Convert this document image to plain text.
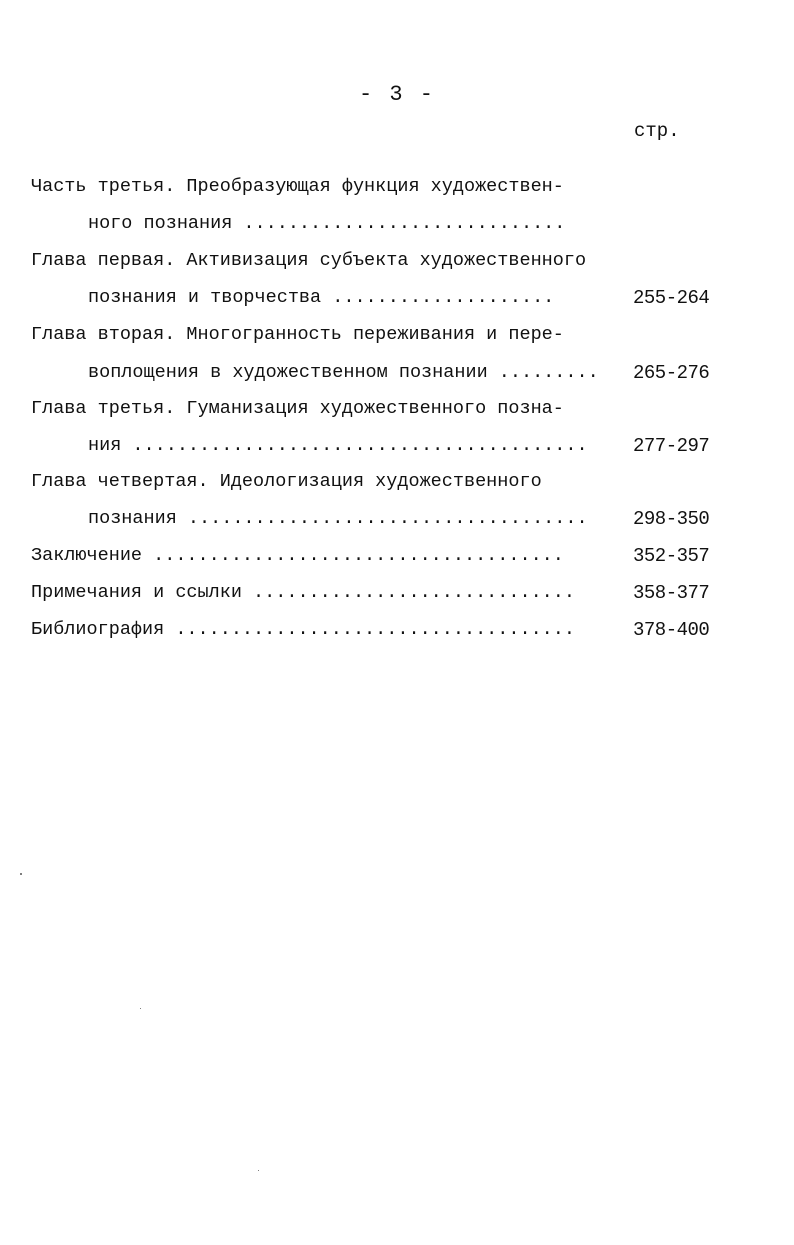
- 3 -
стр.
Часть третья. Преобразующая функция художествен-
ного познания .............................
Глава первая. Активизация субъекта художественного
познания и творчества ....................	255-264
Глава вторая. Многогранность переживания и пере-
воплощения в художественном познании ......... 265-276
Глава третья. Гуманизация художественного позна-
ния ......................................... 277-297
Глава четвертая. Идеологизация художественного
познания .................................... 298-350
Заключение .....................................	352-357
Примечания и ссылки .............................	358-377
Библиография ....................................	378-400
